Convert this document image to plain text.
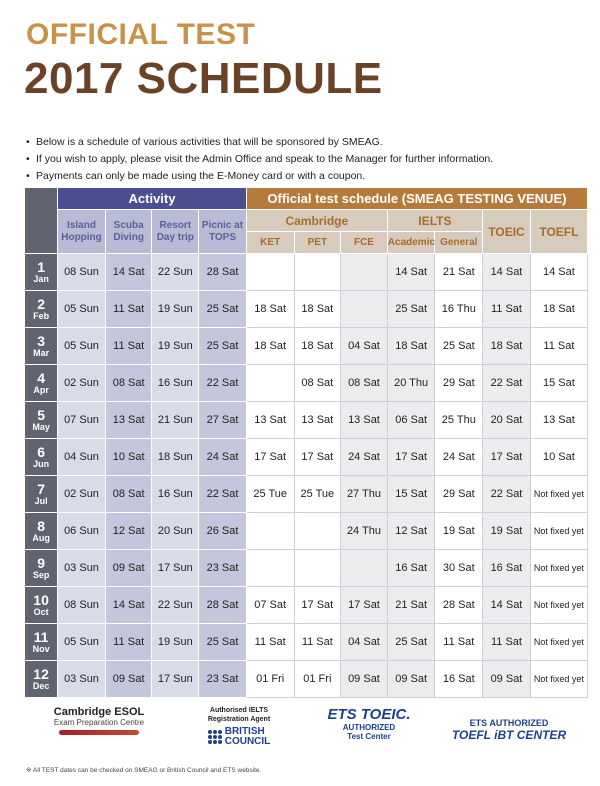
OFFICIAL TEST
2017 SCHEDULE
• Below is a schedule of various activities that will be sponsored by SMEAG.
• If you wish to apply, please visit the Admin Office and speak to the Manager for further information.
• Payments can only be made using the E-Money card or with a coupon.
	Activity				Official test schedule (SMEAG TESTING VENUE)						
	Island Hopping	Scuba Diving	Resort Day trip	Picnic at TOPS	Cambridge			IELTS		TOEIC	TOEFL
					KET	PET	FCE	Academic	General		

1
Jan	08 Sun	14 Sat	22 Sun	28 Sat				14 Sat	21 Sat	14 Sat	14 Sat

2
Feb	05 Sun	11 Sat	19 Sun	25 Sat	18 Sat	18 Sat		25 Sat	16 Thu	11 Sat	18 Sat

3
Mar	05 Sun	11 Sat	19 Sun	25 Sat	18 Sat	18 Sat	04 Sat	18 Sat	25 Sat	18 Sat	11 Sat

4
Apr	02 Sun	08 Sat	16 Sun	22 Sat		08 Sat	08 Sat	20 Thu	29 Sat	22 Sat	15 Sat

5
May	07 Sun	13 Sat	21 Sun	27 Sat	13 Sat	13 Sat	13 Sat	06 Sat	25 Thu	20 Sat	13 Sat

6
Jun	04 Sun	10 Sat	18 Sun	24 Sat	17 Sat	17 Sat	24 Sat	17 Sat	24 Sat	17 Sat	10 Sat

7
Jul	02 Sun	08 Sat	16 Sun	22 Sat	25 Tue	25 Tue	27 Thu	15 Sat	29 Sat	22 Sat	Not fixed yet

8
Aug	06 Sun	12 Sat	20 Sun	26 Sat			24 Thu	12 Sat	19 Sat	19 Sat	Not fixed yet

9
Sep	03 Sun	09 Sat	17 Sun	23 Sat				16 Sat	30 Sat	16 Sat	Not fixed yet

10
Oct	08 Sun	14 Sat	22 Sun	28 Sat	07 Sat	17 Sat	17 Sat	21 Sat	28 Sat	14 Sat	Not fixed yet

11
Nov	05 Sun	11 Sat	19 Sun	25 Sat	11 Sat	11 Sat	04 Sat	25 Sat	11 Sat	11 Sat	Not fixed yet

12
Dec	03 Sun	09 Sat	17 Sun	23 Sat	01 Fri	01 Fri	09 Sat	09 Sat	16 Sat	09 Sat	Not fixed yet
Cambridge ESOL
Exam Preparation Centre
Authorised IELTS
Registration Agent
BRITISH
COUNCIL
ETS TOEIC.
AUTHORIZED
Test Center
ETS AUTHORIZED
TOEFL iBT CENTER
※ All TEST dates can be checked on SMEAG or British Council and ETS website.
